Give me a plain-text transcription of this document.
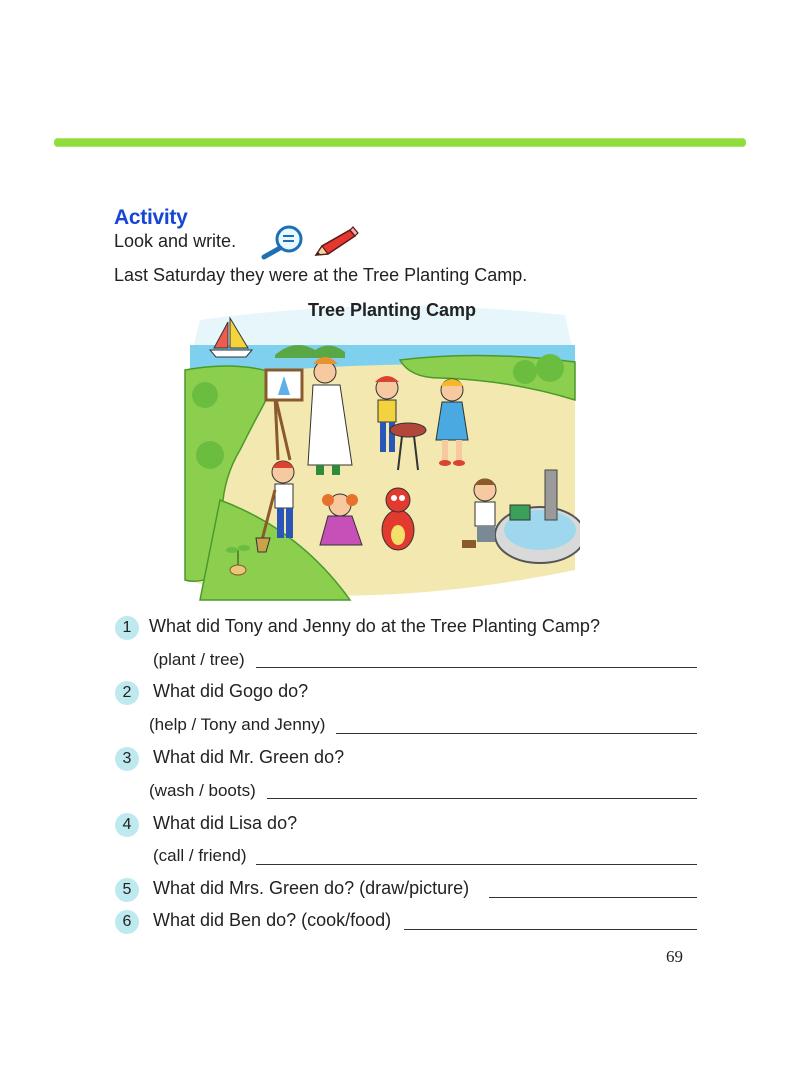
Activity
Look and write.
Last Saturday they were at the Tree Planting Camp.
Tree Planting Camp
1 What did Tony and Jenny do at the Tree Planting Camp?
(plant / tree)
2	What did Gogo do?
(help / Tony and Jenny)
3	What did Mr. Green do?
(wash / boots)
4	What did Lisa do?
(call / friend)
5	What did Mrs. Green do? (draw/picture)
6	What did Ben do? (cook/food)
69
